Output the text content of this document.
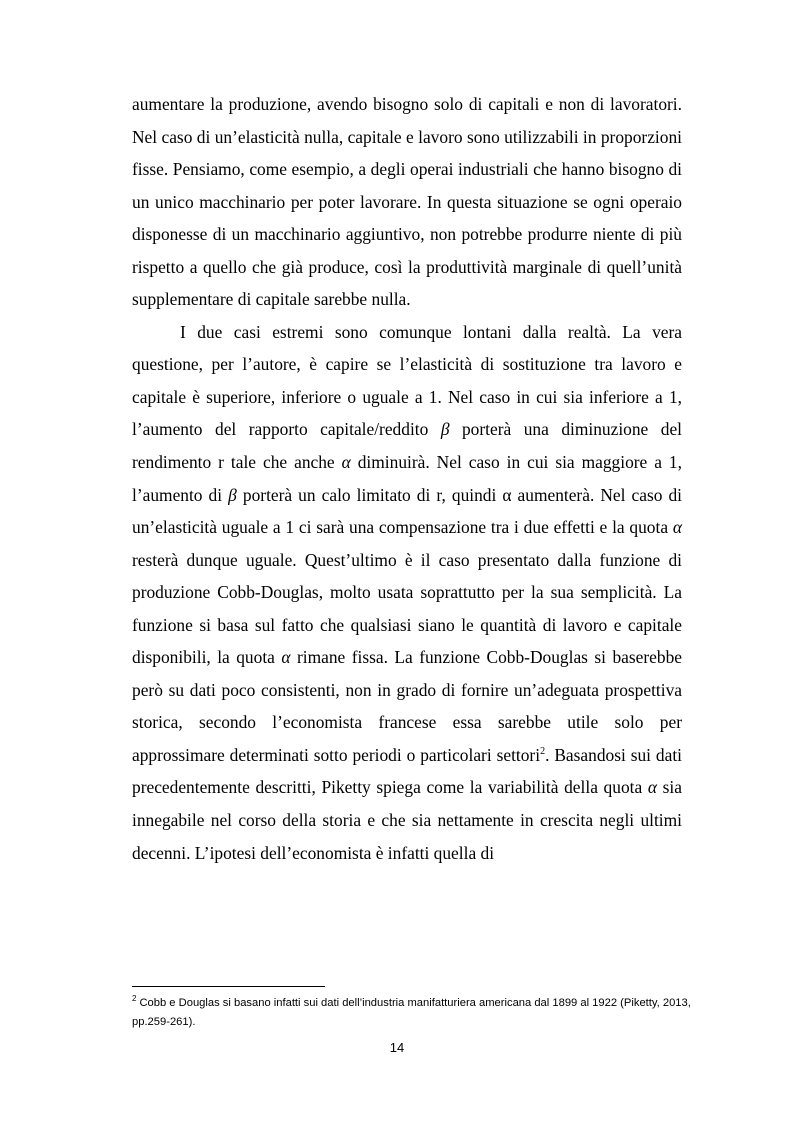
aumentare la produzione, avendo bisogno solo di capitali e non di lavoratori. Nel caso di un’elasticità nulla, capitale e lavoro sono utilizzabili in proporzioni fisse. Pensiamo, come esempio, a degli operai industriali che hanno bisogno di un unico macchinario per poter lavorare. In questa situazione se ogni operaio disponesse di un macchinario aggiuntivo, non potrebbe produrre niente di più rispetto a quello che già produce, così la produttività marginale di quell’unità supplementare di capitale sarebbe nulla.

I due casi estremi sono comunque lontani dalla realtà. La vera questione, per l’autore, è capire se l’elasticità di sostituzione tra lavoro e capitale è superiore, inferiore o uguale a 1. Nel caso in cui sia inferiore a 1, l’aumento del rapporto capitale/reddito β porterà una diminuzione del rendimento r tale che anche α diminuirà. Nel caso in cui sia maggiore a 1, l’aumento di β porterà un calo limitato di r, quindi α aumenterà. Nel caso di un’elasticità uguale a 1 ci sarà una compensazione tra i due effetti e la quota α resterà dunque uguale. Quest’ultimo è il caso presentato dalla funzione di produzione Cobb-Douglas, molto usata soprattutto per la sua semplicità. La funzione si basa sul fatto che qualsiasi siano le quantità di lavoro e capitale disponibili, la quota α rimane fissa. La funzione Cobb-Douglas si baserebbe però su dati poco consistenti, non in grado di fornire un’adeguata prospettiva storica, secondo l’economista francese essa sarebbe utile solo per approssimare determinati sotto periodi o particolari settori$^2$. Basandosi sui dati precedentemente descritti, Piketty spiega come la variabilità della quota α sia innegabile nel corso della storia e che sia nettamente in crescita negli ultimi decenni. L’ipotesi dell’economista è infatti quella di

$^2$ Cobb e Douglas si basano infatti sui dati dell’industria manifatturiera americana dal 1899 al 1922 (Piketty, 2013, pp.259-261).
14
